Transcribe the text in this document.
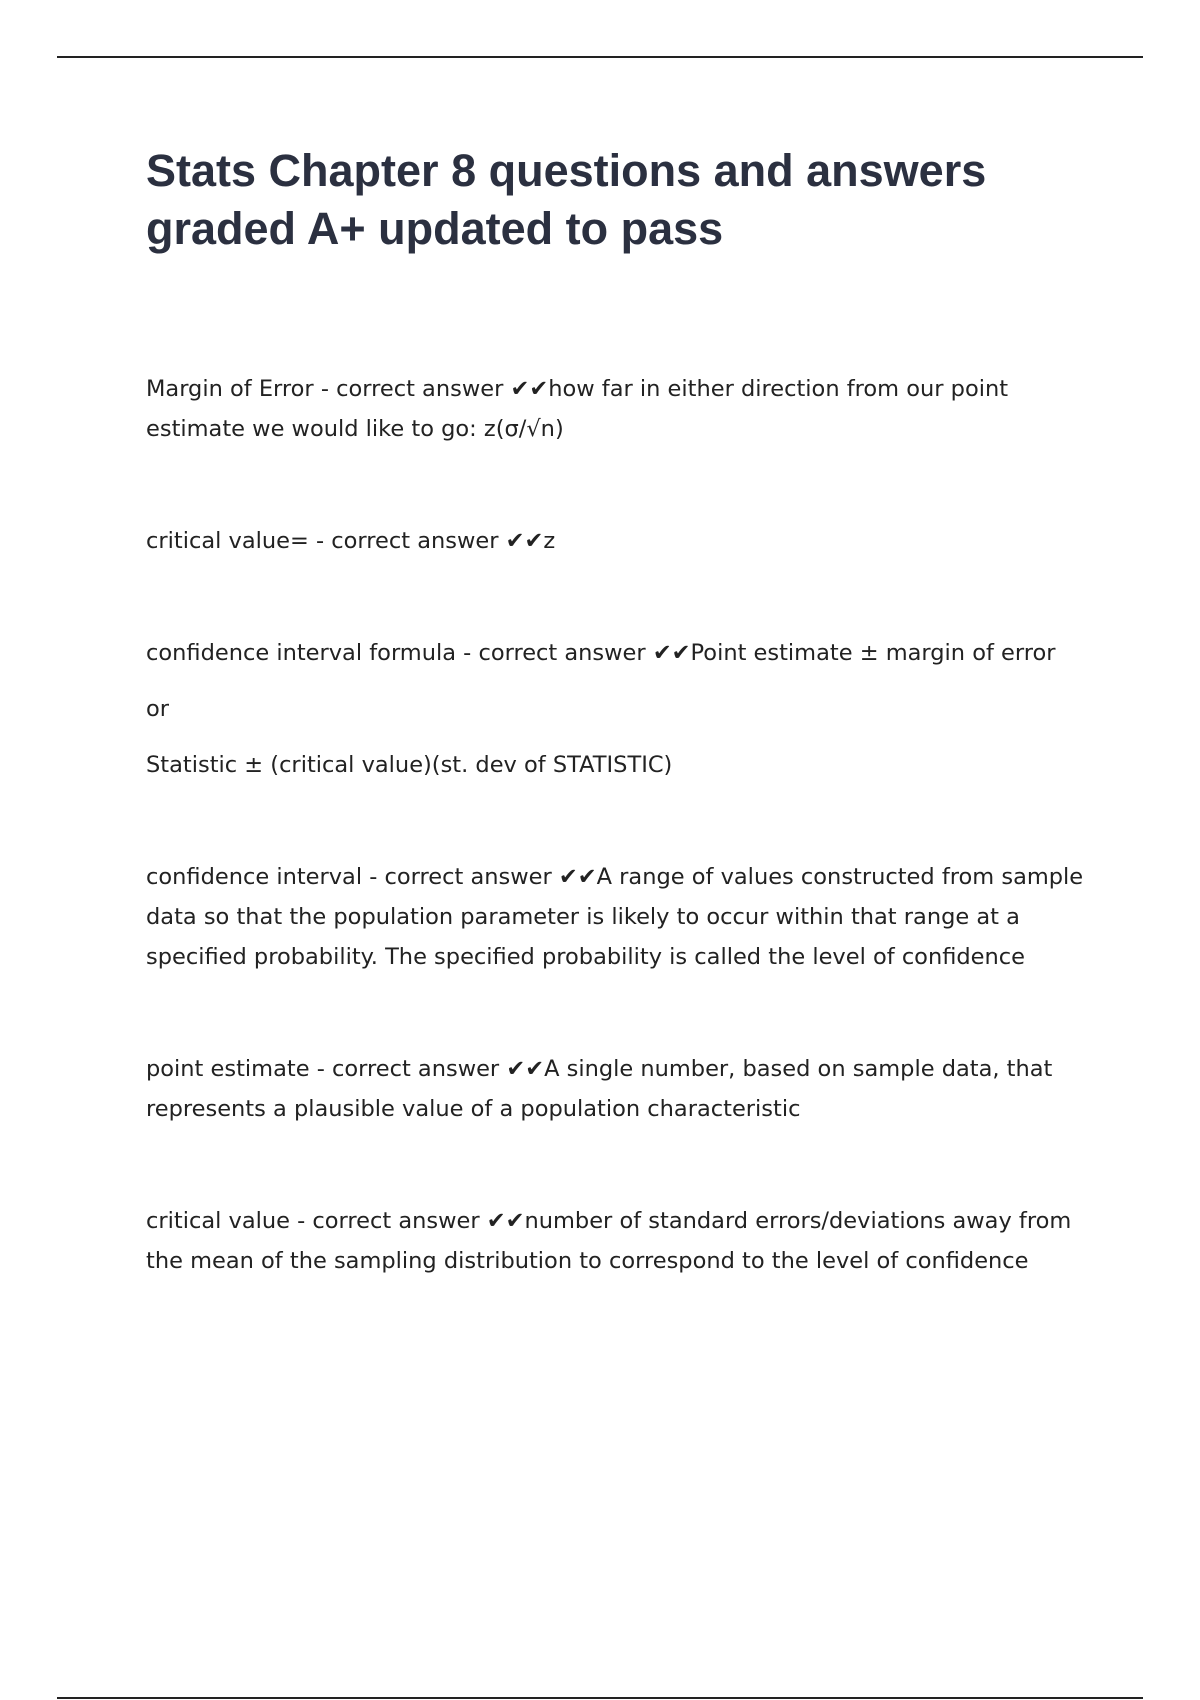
Stats Chapter 8 questions and answers
graded A+ updated to pass

Margin of Error - correct answer ✔✔how far in either direction from our point estimate we would like to go: z(σ/√n)

critical value= - correct answer ✔✔z

confidence interval formula - correct answer ✔✔Point estimate ± margin of error

or

Statistic ± (critical value)(st. dev of STATISTIC)

confidence interval - correct answer ✔✔A range of values constructed from sample data so that the population parameter is likely to occur within that range at a specified probability. The specified probability is called the level of confidence

point estimate - correct answer ✔✔A single number, based on sample data, that represents a plausible value of a population characteristic

critical value - correct answer ✔✔number of standard errors/deviations away from the mean of the sampling distribution to correspond to the level of confidence
